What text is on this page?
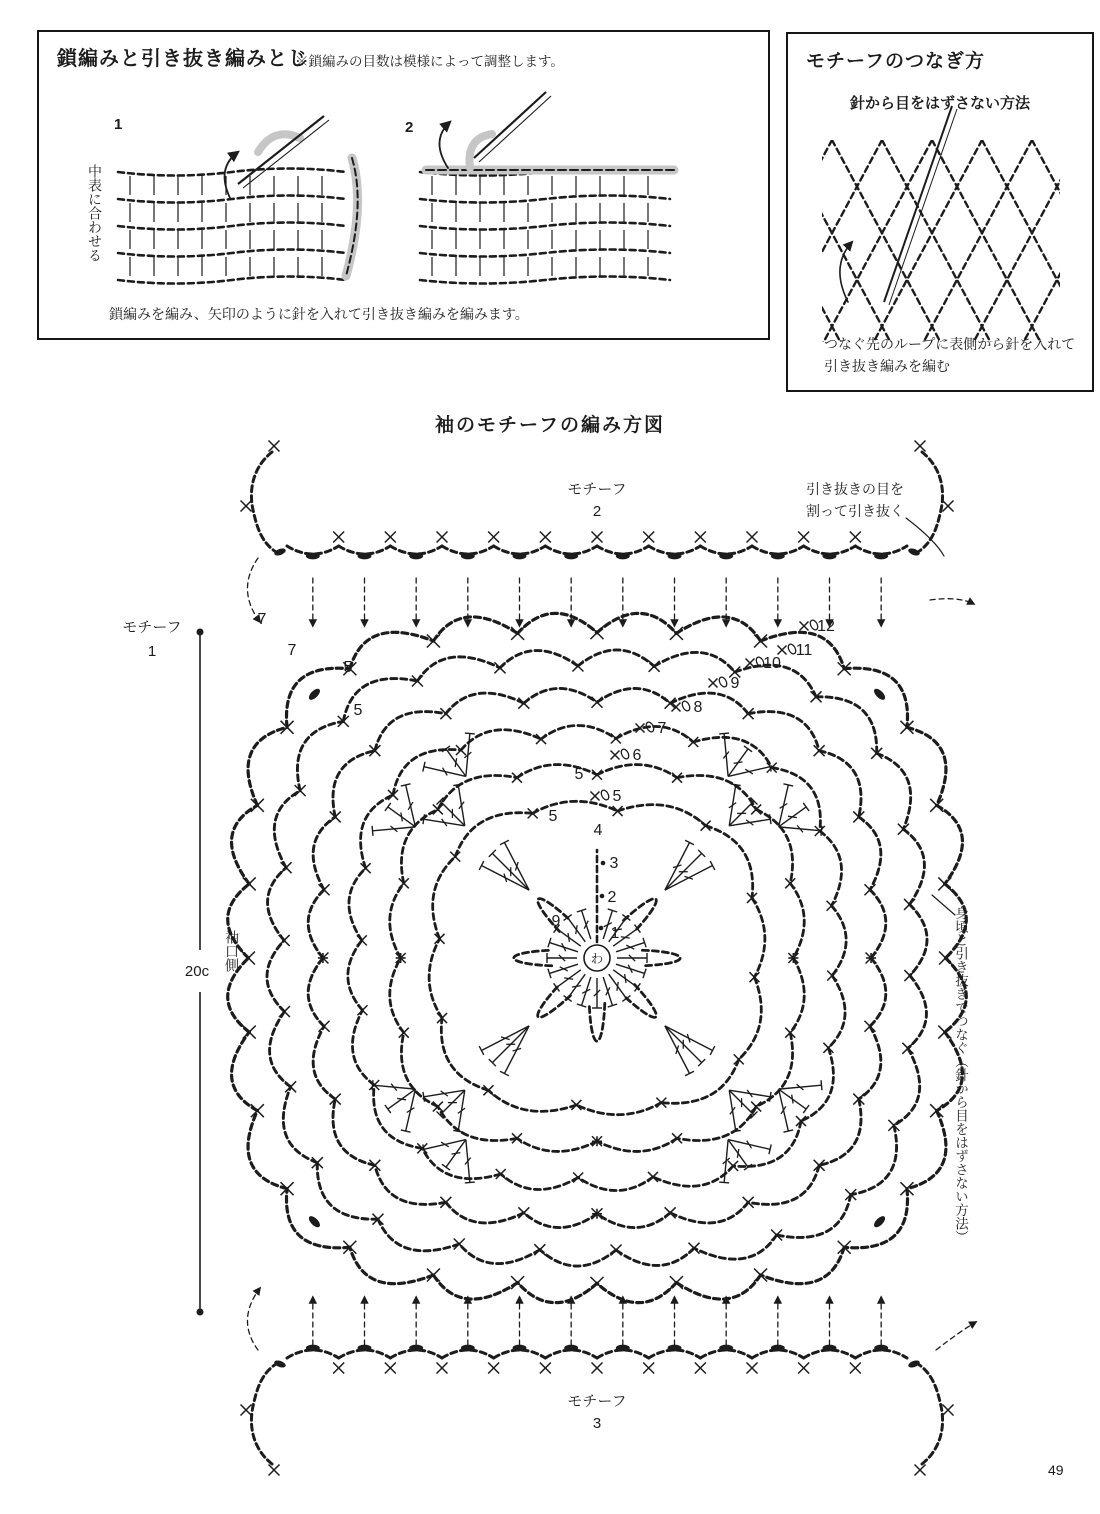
1
2
3
4
5
6
7
8
9
10
11
12
9
5
5
7
7
5
5
モチーフ
2
引き抜きの目を
割って引き抜く
モチーフ
1
20c
わ
モチーフ
3
鎖編みと引き抜き編みとじ
※鎖編みの目数は模様によって調整します。
1	2
中表に合わせる
鎖編みを編み、矢印のように針を入れて引き抜き編みを編みます。
モチーフのつなぎ方
針から目をはずさない方法
つなぐ先のループに表側から針を入れて
引き抜き編みを編む
袖のモチーフの編み方図
袖口側	身頃と引き抜きでつなぐ（針から目をはずさない方法）
49
